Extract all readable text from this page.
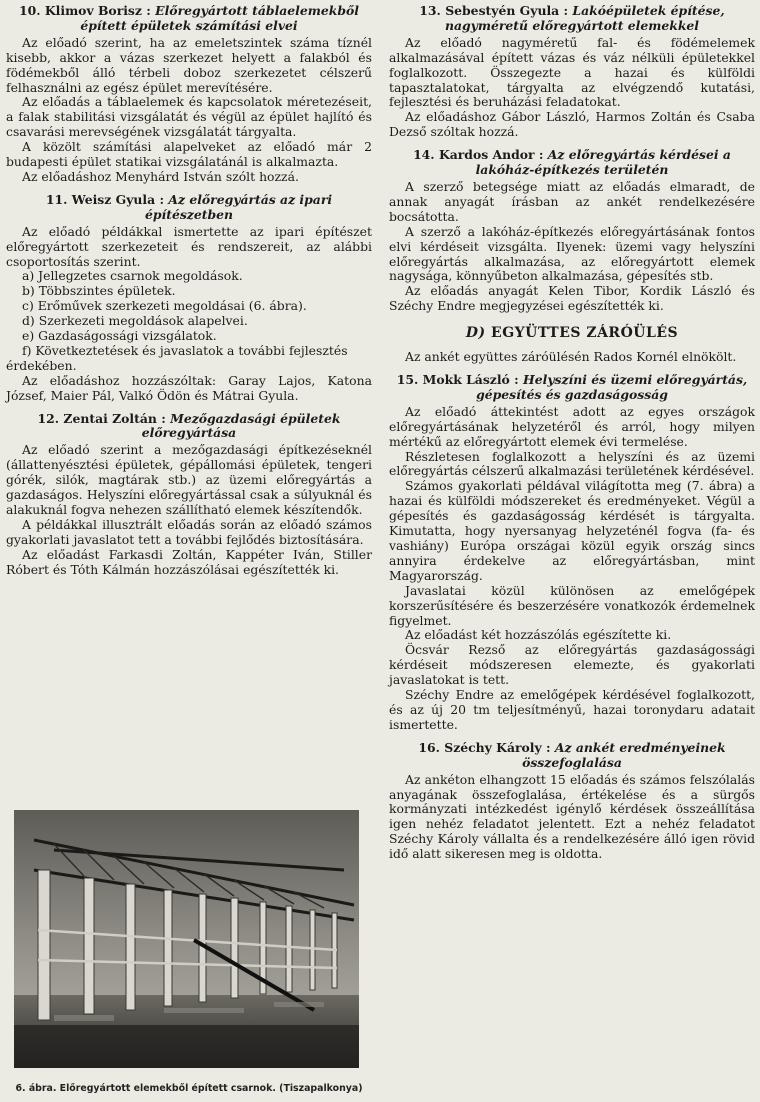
10. Klimov Borisz : Előregyártott táblaelemekből épített épületek számítási elvei

Az előadó szerint, ha az emeletszintek száma tíznél kisebb, akkor a vázas szerkezet helyett a falakból és födémekből álló térbeli doboz szerkezetet célszerű felhasználni az egész épület merevítésére.

Az előadás a táblaelemek és kapcsolatok méretezéseit, a falak stabilitási vizsgálatát és végül az épület hajlító és csavarási merevségének vizsgálatát tárgyalta.

A közölt számítási alapelveket az előadó már 2 budapesti épület statikai vizsgálatánál is alkalmazta.

Az előadáshoz Menyhárd István szólt hozzá.

11. Weisz Gyula : Az előregyártás az ipari építészetben

Az előadó példákkal ismertette az ipari építészet előregyártott szerkezeteit és rendszereit, az alábbi csoportosítás szerint.

a) Jellegzetes csarnok megoldások.
b) Többszintes épületek.
c) Erőművek szerkezeti megoldásai (6. ábra).
d) Szerkezeti megoldások alapelvei.
e) Gazdaságossági vizsgálatok.
f) Következtetések és javaslatok a további fejlesztés érdekében.

Az előadáshoz hozzászóltak: Garay Lajos, Katona József, Maier Pál, Valkó Ödön és Mátrai Gyula.

12. Zentai Zoltán : Mezőgazdasági épületek előregyártása

Az előadó szerint a mezőgazdasági építkezéseknél (állattenyésztési épületek, gépállomási épületek, tengeri górék, silók, magtárak stb.) az üzemi előregyártás a gazdaságos. Helyszíni előregyártással csak a súlyuknál és alakuknál fogva nehezen szállítható elemek készítendők.

A példákkal illusztrált előadás során az előadó számos gyakorlati javaslatot tett a további fejlődés biztosítására.

Az előadást Farkasdi Zoltán, Kappéter Iván, Stiller Róbert és Tóth Kálmán hozzászólásai egészítették ki.

6. ábra. Előregyártott elemekből épített csarnok. (Tiszapalkonya)
13. Sebestyén Gyula : Lakóépületek építése, nagyméretű előregyártott elemekkel

Az előadó nagyméretű fal- és födémelemek alkalmazásával épített vázas és váz nélküli épületekkel foglalkozott. Összegezte a hazai és külföldi tapasztalatokat, tárgyalta az elvégzendő kutatási, fejlesztési és beruházási feladatokat.

Az előadáshoz Gábor László, Harmos Zoltán és Csaba Dezső szóltak hozzá.

14. Kardos Andor : Az előregyártás kérdései a lakóház-építkezés területén

A szerző betegsége miatt az előadás elmaradt, de annak anyagát írásban az ankét rendelkezésére bocsátotta.

A szerző a lakóház-építkezés előregyártásának fontos elvi kérdéseit vizsgálta. Ilyenek: üzemi vagy helyszíni előregyártás alkalmazása, az előregyártott elemek nagysága, könnyűbeton alkalmazása, gépesítés stb.

Az előadás anyagát Kelen Tibor, Kordik László és Széchy Endre megjegyzései egészítették ki.

D) EGYÜTTES ZÁRÓÜLÉS

Az ankét együttes záróülésén Rados Kornél elnökölt.

15. Mokk László : Helyszíni és üzemi előregyártás, gépesítés és gazdaságosság

Az előadó áttekintést adott az egyes országok előregyártásának helyzetéről és arról, hogy milyen mértékű az előregyártott elemek évi termelése.

Részletesen foglalkozott a helyszíni és az üzemi előregyártás célszerű alkalmazási területének kérdésével.

Számos gyakorlati példával világította meg (7. ábra) a hazai és külföldi módszereket és eredményeket. Végül a gépesítés és gazdaságosság kérdését is tárgyalta. Kimutatta, hogy nyersanyag helyzeténél fogva (fa- és vashiány) Európa országai közül egyik ország sincs annyira érdekelve az előregyártásban, mint Magyarország.

Javaslatai közül különösen az emelőgépek korszerűsítésére és beszerzésére vonatkozók érdemelnek figyelmet.

Az előadást két hozzászólás egészítette ki.

Öcsvár Rezső az előregyártás gazdaságossági kérdéseit módszeresen elemezte, és gyakorlati javaslatokat is tett.

Széchy Endre az emelőgépek kérdésével foglalkozott, és az új 20 tm teljesítményű, hazai toronydaru adatait ismertette.

16. Széchy Károly : Az ankét eredményeinek összefoglalása

Az ankéton elhangzott 15 előadás és számos felszólalás anyagának összefoglalása, értékelése és a sürgős kormányzati intézkedést igénylő kérdések összeállítása igen nehéz feladatot jelentett. Ezt a nehéz feladatot Széchy Károly vállalta és a rendelkezésére álló igen rövid idő alatt sikeresen meg is oldotta.
